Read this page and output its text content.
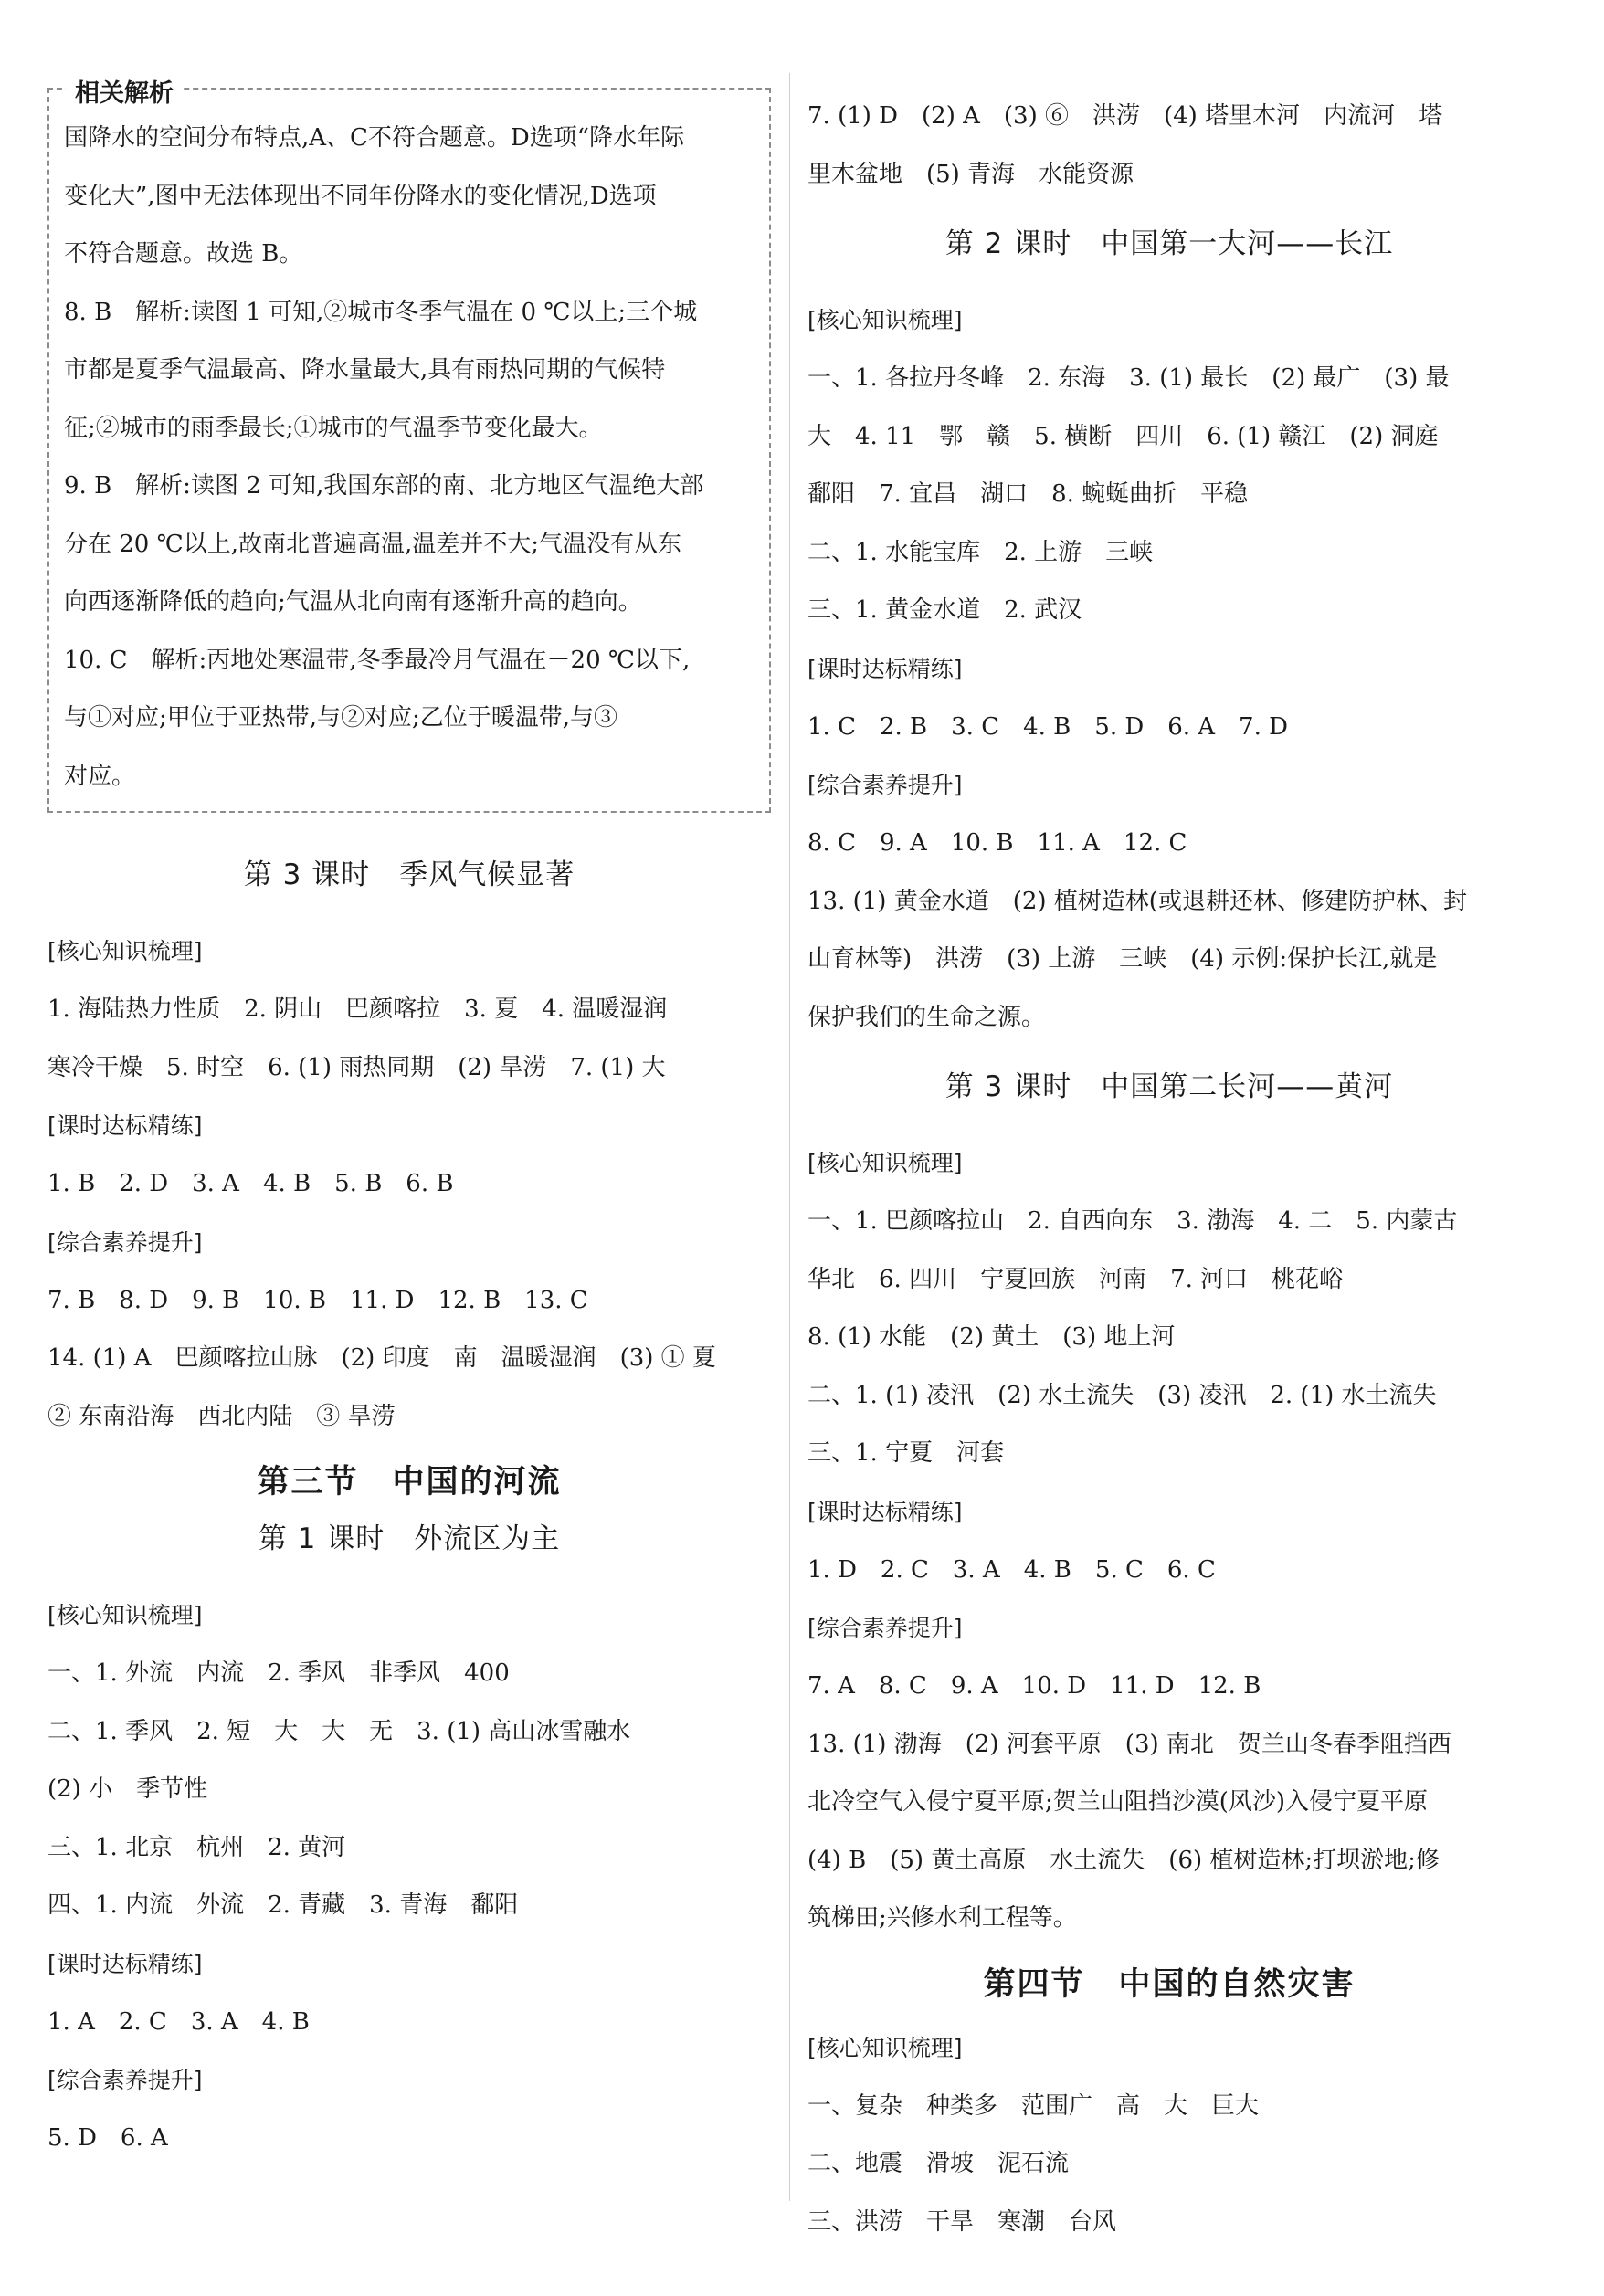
相关解析
国降水的空间分布特点,A、C不符合题意。D选项“降水年际
变化大”,图中无法体现出不同年份降水的变化情况,D选项
不符合题意。故选 B。
8. B　解析:读图 1 可知,②城市冬季气温在 0 ℃以上;三个城
市都是夏季气温最高、降水量最大,具有雨热同期的气候特
征;②城市的雨季最长;①城市的气温季节变化最大。
9. B　解析:读图 2 可知,我国东部的南、北方地区气温绝大部
分在 20 ℃以上,故南北普遍高温,温差并不大;气温没有从东
向西逐渐降低的趋向;气温从北向南有逐渐升高的趋向。
10. C　解析:丙地处寒温带,冬季最冷月气温在－20 ℃以下,
与①对应;甲位于亚热带,与②对应;乙位于暖温带,与③
对应。
第 3 课时　季风气候显著
[ 核心知识梳理 ]
1. 海陆热力性质　2. 阴山　巴颜喀拉　3. 夏　4. 温暖湿润
寒冷干燥　5. 时空　6. (1) 雨热同期　(2) 旱涝　7. (1) 大
[ 课时达标精练 ]
1. B　2. D　3. A　4. B　5. B　6. B
[ 综合素养提升 ]
7. B　8. D　9. B　10. B　11. D　12. B　13. C
14. (1) A　巴颜喀拉山脉　(2) 印度　南　温暖湿润　(3) ① 夏
② 东南沿海　西北内陆　③ 旱涝
第三节　中国的河流
第 1 课时　外流区为主
[ 核心知识梳理 ]
一、1. 外流　内流　2. 季风　非季风　400
二、1. 季风　2. 短　大　大　无　3. (1) 高山冰雪融水
(2) 小　季节性
三、1. 北京　杭州　2. 黄河
四、1. 内流　外流　2. 青藏　3. 青海　鄱阳
[ 课时达标精练 ]
1. A　2. C　3. A　4. B
[ 综合素养提升 ]
5. D　6. A
7. (1) D　(2) A　(3) ⑥　洪涝　(4) 塔里木河　内流河　塔
里木盆地　(5) 青海　水能资源
第 2 课时　中国第一大河——长江
[ 核心知识梳理 ]
一、1. 各拉丹冬峰　2. 东海　3. (1) 最长　(2) 最广　(3) 最
大　4. 11　鄂　赣　5. 横断　四川　6. (1) 赣江　(2) 洞庭
鄱阳　7. 宜昌　湖口　8. 蜿蜒曲折　平稳
二、1. 水能宝库　2. 上游　三峡
三、1. 黄金水道　2. 武汉
[ 课时达标精练 ]
1. C　2. B　3. C　4. B　5. D　6. A　7. D
[ 综合素养提升 ]
8. C　9. A　10. B　11. A　12. C
13. (1) 黄金水道　(2) 植树造林(或退耕还林、修建防护林、封
山育林等)　洪涝　(3) 上游　三峡　(4) 示例:保护长江,就是
保护我们的生命之源。
第 3 课时　中国第二长河——黄河
[ 核心知识梳理 ]
一、1. 巴颜喀拉山　2. 自西向东　3. 渤海　4. 二　5. 内蒙古
华北　6. 四川　宁夏回族　河南　7. 河口　桃花峪
8. (1) 水能　(2) 黄土　(3) 地上河
二、1. (1) 凌汛　(2) 水土流失　(3) 凌汛　2. (1) 水土流失
三、1. 宁夏　河套
[ 课时达标精练 ]
1. D　2. C　3. A　4. B　5. C　6. C
[ 综合素养提升 ]
7. A　8. C　9. A　10. D　11. D　12. B
13. (1) 渤海　(2) 河套平原　(3) 南北　贺兰山冬春季阻挡西
北冷空气入侵宁夏平原;贺兰山阻挡沙漠(风沙)入侵宁夏平原
(4) B　(5) 黄土高原　水土流失　(6) 植树造林;打坝淤地;修
筑梯田;兴修水利工程等。
第四节　中国的自然灾害
[ 核心知识梳理 ]
一、复杂　种类多　范围广　高　大　巨大
二、地震　滑坡　泥石流
三、洪涝　干旱　寒潮　台风
